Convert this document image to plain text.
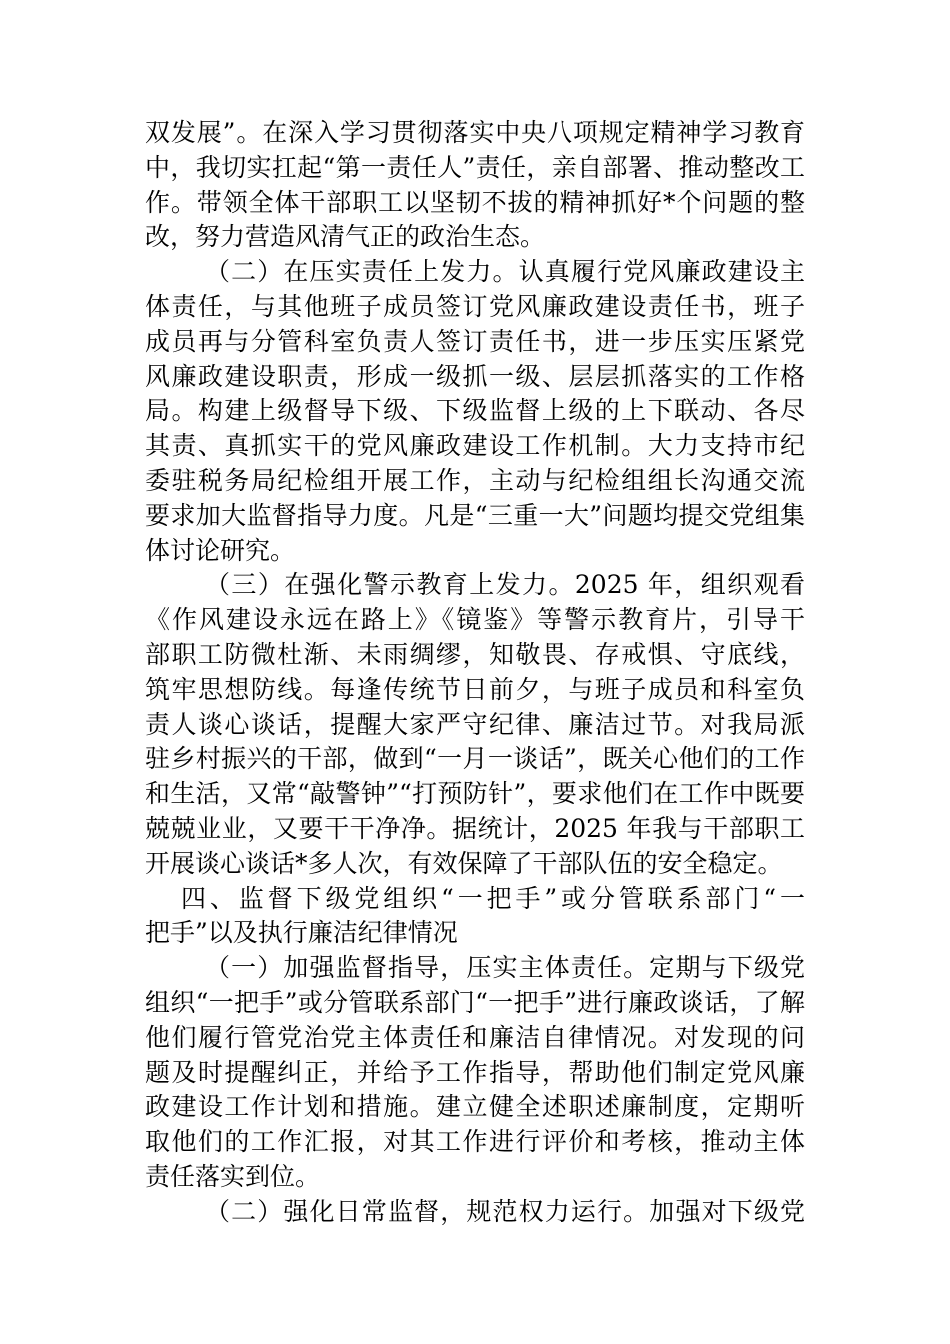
双发展”。在深入学习贯彻落实中央八项规定精神学习教育
中，我切实扛起“第一责任人”责任，亲自部署、推动整改工
作。带领全体干部职工以坚韧不拔的精神抓好*个问题的整
改，努力营造风清气正的政治生态。
（二）在压实责任上发力。认真履行党风廉政建设主
体责任，与其他班子成员签订党风廉政建设责任书，班子
成员再与分管科室负责人签订责任书，进一步压实压紧党
风廉政建设职责，形成一级抓一级、层层抓落实的工作格
局。构建上级督导下级、下级监督上级的上下联动、各尽
其责、真抓实干的党风廉政建设工作机制。大力支持市纪
委驻税务局纪检组开展工作，主动与纪检组组长沟通交流
要求加大监督指导力度。凡是“三重一大”问题均提交党组集
体讨论研究。
（三）在强化警示教育上发力。2025 年，组织观看
《作风建设永远在路上》《镜鉴》等警示教育片，引导干
部职工防微杜渐、未雨绸缪，知敬畏、存戒惧、守底线，
筑牢思想防线。每逢传统节日前夕，与班子成员和科室负
责人谈心谈话，提醒大家严守纪律、廉洁过节。对我局派
驻乡村振兴的干部，做到“一月一谈话”，既关心他们的工作
和生活，又常“敲警钟”“打预防针”，要求他们在工作中既要
兢兢业业，又要干干净净。据统计，2025 年我与干部职工
开展谈心谈话*多人次，有效保障了干部队伍的安全稳定。
四、监督下级党组织“一把手”或分管联系部门“一
把手”以及执行廉洁纪律情况
（一）加强监督指导，压实主体责任。定期与下级党
组织“一把手”或分管联系部门“一把手”进行廉政谈话，了解
他们履行管党治党主体责任和廉洁自律情况。对发现的问
题及时提醒纠正，并给予工作指导，帮助他们制定党风廉
政建设工作计划和措施。建立健全述职述廉制度，定期听
取他们的工作汇报，对其工作进行评价和考核，推动主体
责任落实到位。
（二）强化日常监督，规范权力运行。加强对下级党
